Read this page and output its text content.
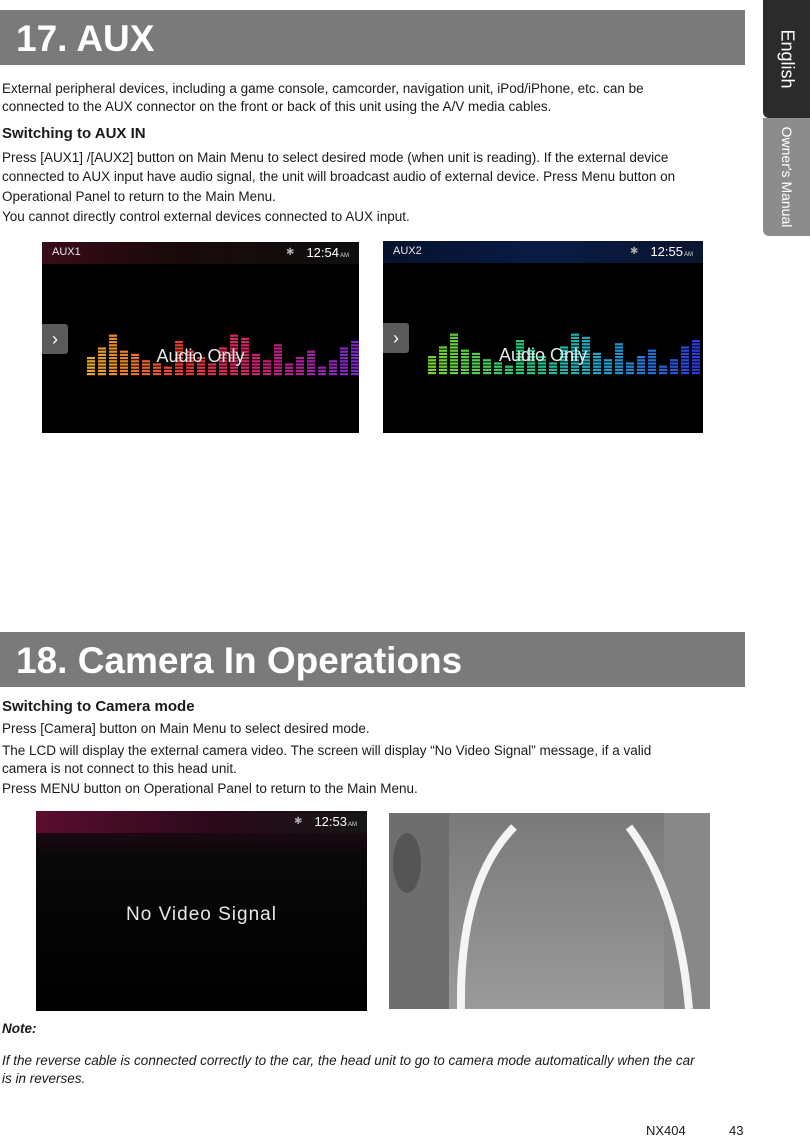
English
Owner's Manual
17. AUX
External peripheral devices, including a game console, camcorder, navigation unit, iPod/iPhone, etc. can be
connected to the AUX connector on the front or back of this unit using the A/V media cables.
Switching to AUX IN
Press [AUX1] /[AUX2] button on Main Menu to select desired mode (when unit is reading). If the external device
connected to AUX input have audio signal, the unit will broadcast audio of external device. Press Menu button on
Operational Panel to return to the Main Menu.
You cannot directly control external devices connected to AUX input.
AUX1	✱ 12:54AM
›
Audio Only
AUX2	✱ 12:55AM
›
Audio Only
18. Camera In Operations
Switching to Camera mode
Press [Camera] button on Main Menu to select desired mode.
The LCD will display the external camera video. The screen will display “No Video Signal” message, if a valid
camera is not connect to this head unit.
Press MENU button on Operational Panel to return to the Main Menu.
✱ 12:53AM
No Video Signal
Note:
If the reverse cable is connected correctly to the car, the head unit to go to camera mode automatically when the car
is in reverses.
NX404	43
